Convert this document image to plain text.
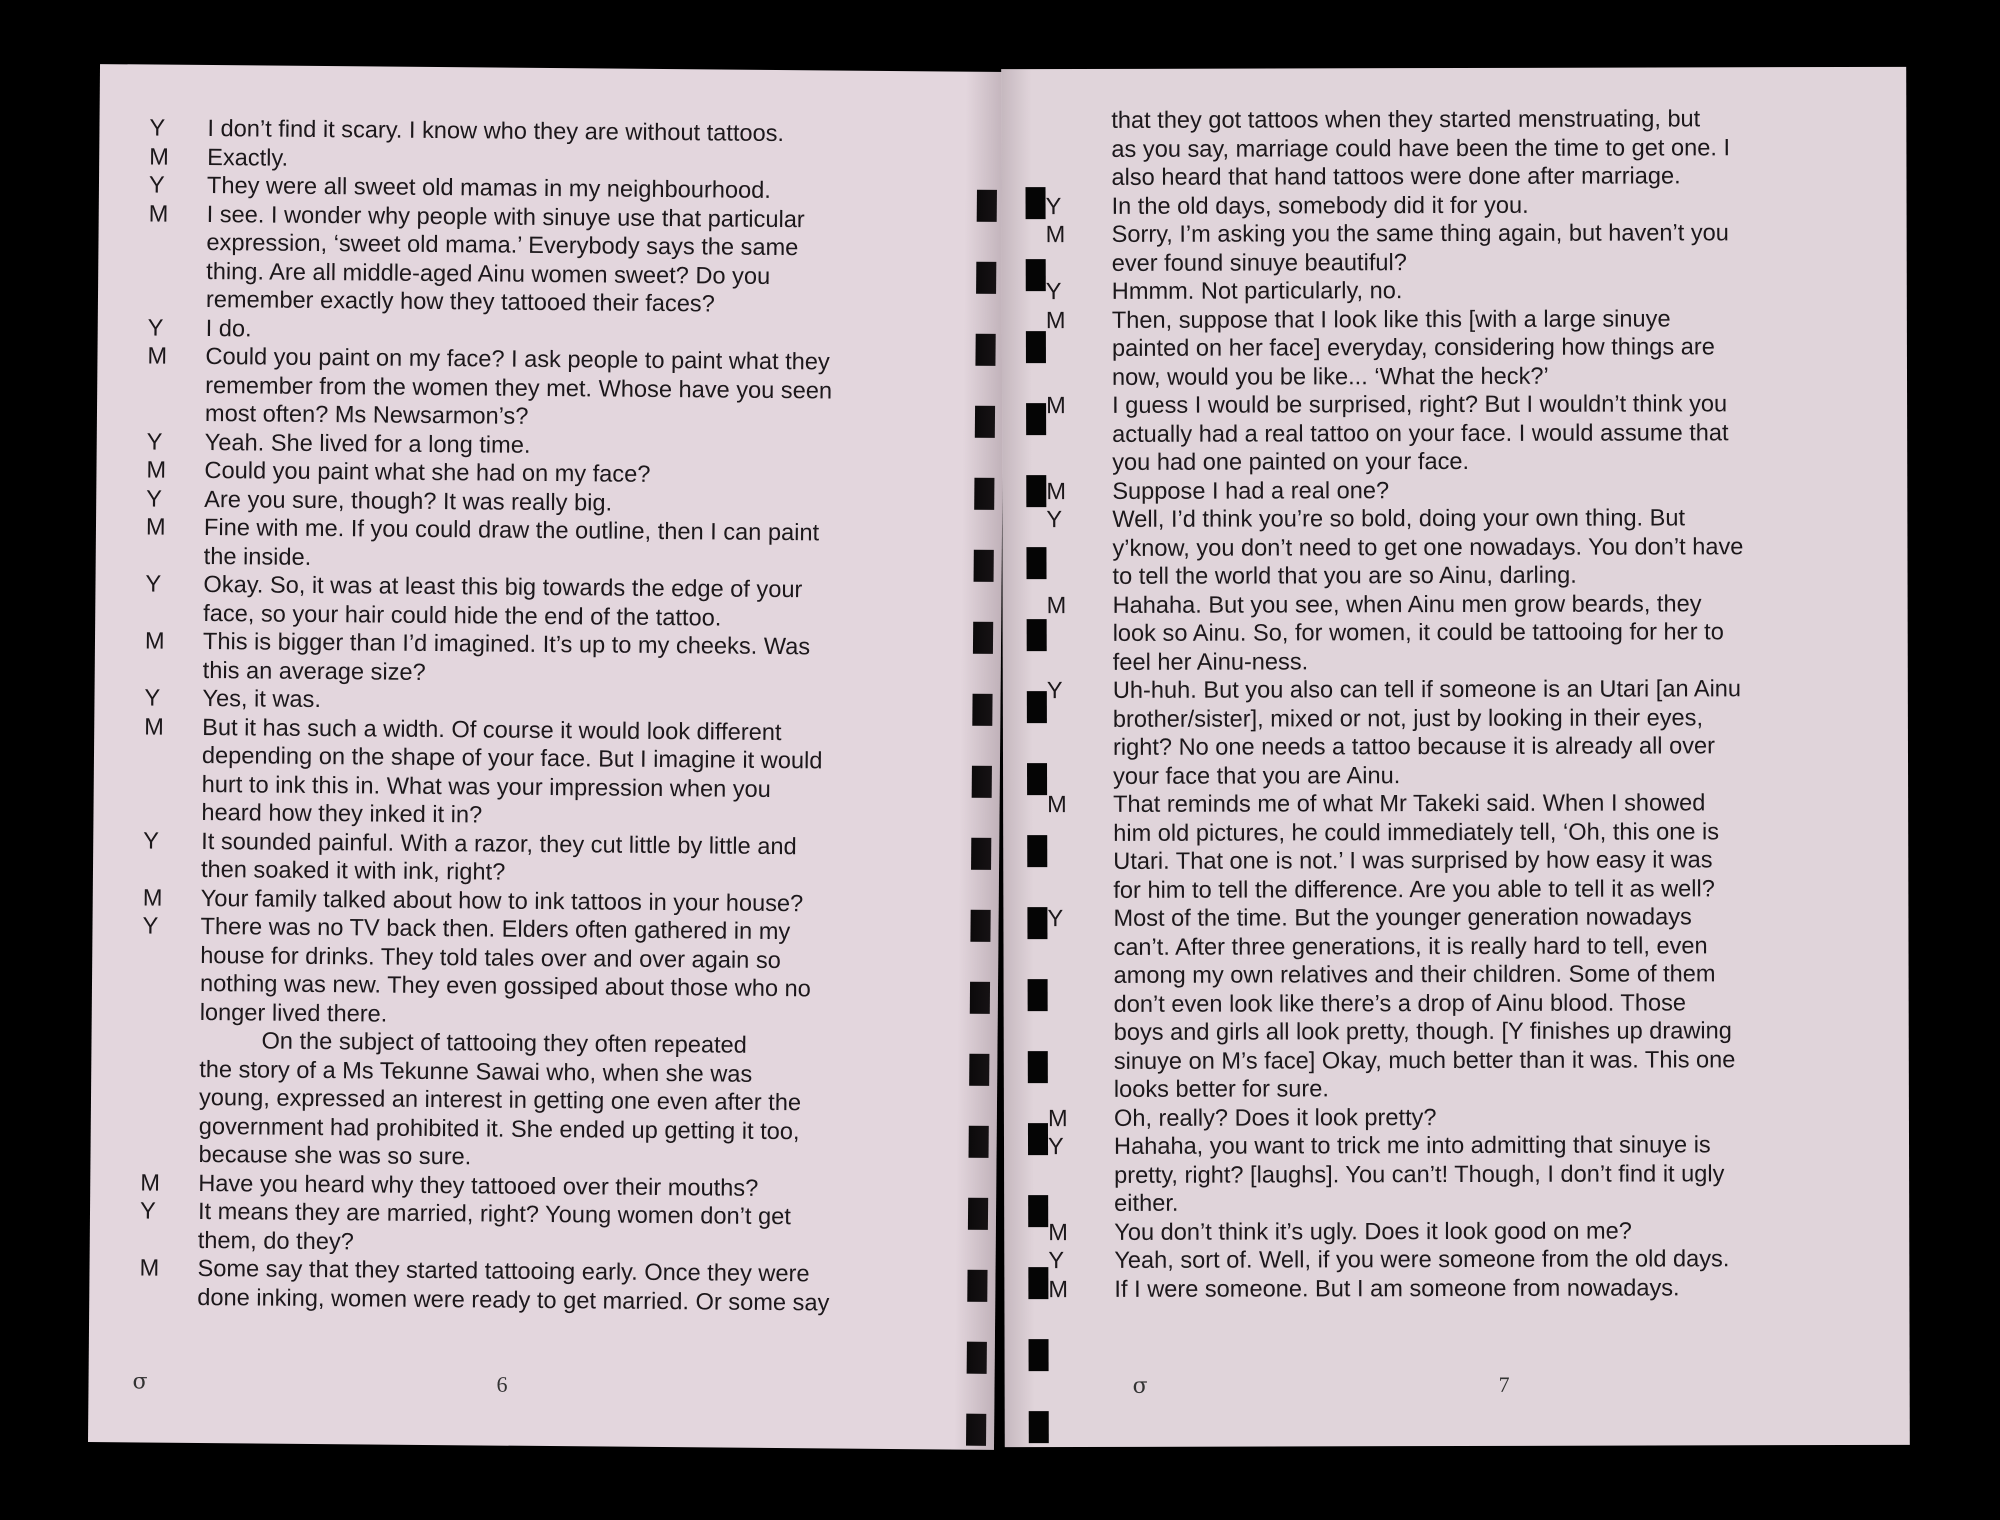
Y	I don’t find it scary. I know who they are without tattoos.
M	Exactly.
Y	They were all sweet old mamas in my neighbourhood.
M	I see. I wonder why people with sinuye use that particular
expression, ‘sweet old mama.’ Everybody says the same
thing. Are all middle-aged Ainu women sweet? Do you
remember exactly how they tattooed their faces?
Y	I do.
M	Could you paint on my face? I ask people to paint what they
remember from the women they met. Whose have you seen
most often? Ms Newsarmon’s?
Y	Yeah. She lived for a long time.
M	Could you paint what she had on my face?
Y	Are you sure, though? It was really big.
M	Fine with me. If you could draw the outline, then I can paint
the inside.
Y	Okay. So, it was at least this big towards the edge of your
face, so your hair could hide the end of the tattoo.
M	This is bigger than I’d imagined. It’s up to my cheeks. Was
this an average size?
Y	Yes, it was.
M	But it has such a width. Of course it would look different
depending on the shape of your face. But I imagine it would
hurt to ink this in. What was your impression when you
heard how they inked it in?
Y	It sounded painful. With a razor, they cut little by little and
then soaked it with ink, right?
M	Your family talked about how to ink tattoos in your house?
Y	There was no TV back then. Elders often gathered in my
house for drinks. They told tales over and over again so
nothing was new. They even gossiped about those who no
longer lived there.
On the subject of tattooing they often repeated
the story of a Ms Tekunne Sawai who, when she was
young, expressed an interest in getting one even after the
government had prohibited it. She ended up getting it too,
because she was so sure.
M	Have you heard why they tattooed over their mouths?
Y	It means they are married, right? Young women don’t get
them, do they?
M	Some say that they started tattooing early. Once they were
done inking, women were ready to get married. Or some say
σ	6
that they got tattoos when they started menstruating, but
as you say, marriage could have been the time to get one. I
also heard that hand tattoos were done after marriage.
Y	In the old days, somebody did it for you.
M	Sorry, I’m asking you the same thing again, but haven’t you
ever found sinuye beautiful?
Y	Hmmm. Not particularly, no.
M	Then, suppose that I look like this [with a large sinuye
painted on her face] everyday, considering how things are
now, would you be like... ‘What the heck?’
M	I guess I would be surprised, right? But I wouldn’t think you
actually had a real tattoo on your face. I would assume that
you had one painted on your face.
M	Suppose I had a real one?
Y	Well, I’d think you’re so bold, doing your own thing. But
y’know, you don’t need to get one nowadays. You don’t have
to tell the world that you are so Ainu, darling.
M	Hahaha. But you see, when Ainu men grow beards, they
look so Ainu. So, for women, it could be tattooing for her to
feel her Ainu-ness.
Y	Uh-huh. But you also can tell if someone is an Utari [an Ainu
brother/sister], mixed or not, just by looking in their eyes,
right? No one needs a tattoo because it is already all over
your face that you are Ainu.
M	That reminds me of what Mr Takeki said. When I showed
him old pictures, he could immediately tell, ‘Oh, this one is
Utari. That one is not.’ I was surprised by how easy it was
for him to tell the difference. Are you able to tell it as well?
Y	Most of the time. But the younger generation nowadays
can’t. After three generations, it is really hard to tell, even
among my own relatives and their children. Some of them
don’t even look like there’s a drop of Ainu blood. Those
boys and girls all look pretty, though. [Y finishes up drawing
sinuye on M’s face] Okay, much better than it was. This one
looks better for sure.
M	Oh, really? Does it look pretty?
Y	Hahaha, you want to trick me into admitting that sinuye is
pretty, right? [laughs]. You can’t! Though, I don’t find it ugly
either.
M	You don’t think it’s ugly. Does it look good on me?
Y	Yeah, sort of. Well, if you were someone from the old days.
M	If I were someone. But I am someone from nowadays.
σ	7
